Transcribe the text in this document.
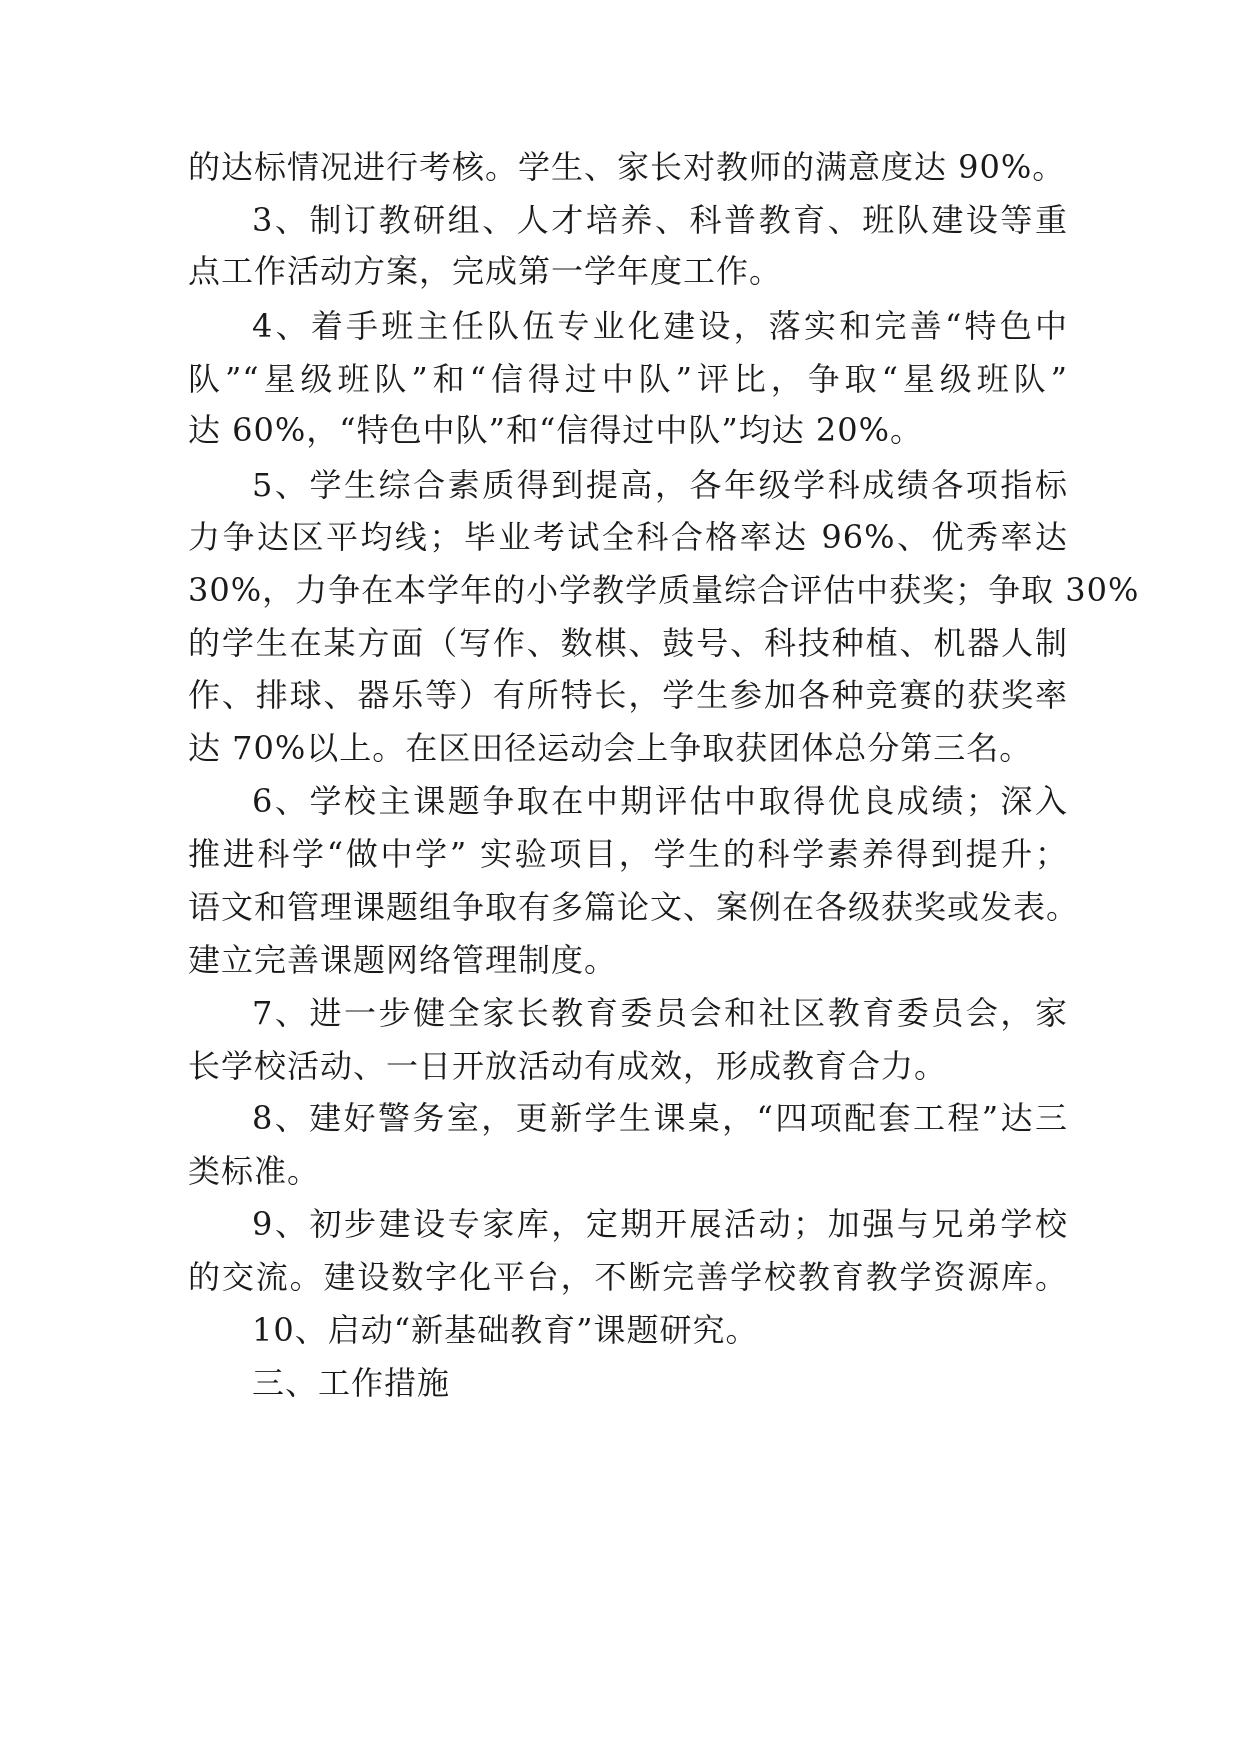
的达标情况进行考核。学生、家长对教师的满意度达 90%。
3、制订教研组、人才培养、科普教育、班队建设等重
点工作活动方案，完成第一学年度工作。
4、着手班主任队伍专业化建设，落实和完善“特色中
队”“星级班队”和“信得过中队”评比，争取“星级班队”
达 60%，“特色中队”和“信得过中队”均达 20%。
5、学生综合素质得到提高，各年级学科成绩各项指标
力争达区平均线；毕业考试全科合格率达 96%、优秀率达
30%，力争在本学年的小学教学质量综合评估中获奖；争取 30%
的学生在某方面（写作、数棋、鼓号、科技种植、机器人制
作、排球、器乐等）有所特长，学生参加各种竞赛的获奖率
达 70%以上。在区田径运动会上争取获团体总分第三名。
6、学校主课题争取在中期评估中取得优良成绩；深入
推进科学“做中学” 实验项目，学生的科学素养得到提升；
语文和管理课题组争取有多篇论文、案例在各级获奖或发表。
建立完善课题网络管理制度。
7、进一步健全家长教育委员会和社区教育委员会，家
长学校活动、一日开放活动有成效，形成教育合力。
8、建好警务室，更新学生课桌，“四项配套工程”达三
类标准。
9、初步建设专家库，定期开展活动；加强与兄弟学校
的交流。建设数字化平台，不断完善学校教育教学资源库。
10、启动“新基础教育”课题研究。
三、工作措施
